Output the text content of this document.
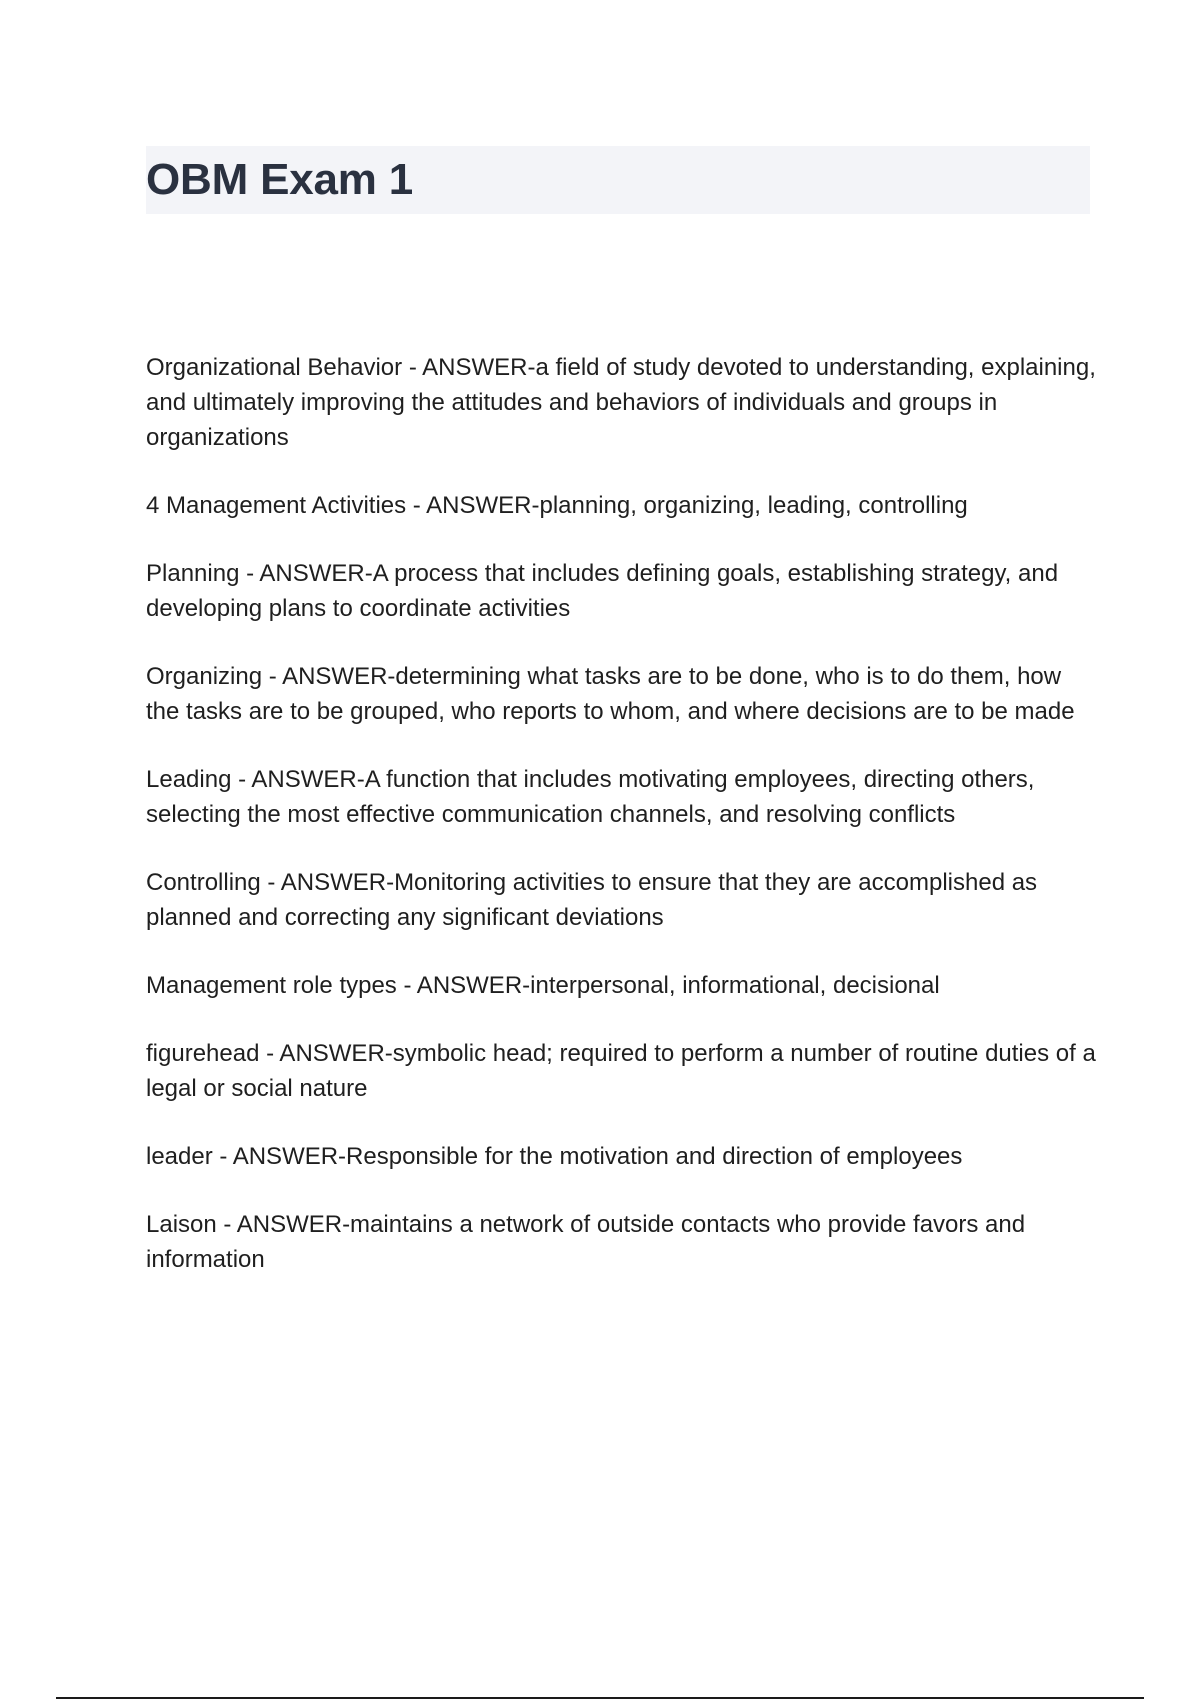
OBM Exam 1
Organizational Behavior - ANSWER-a field of study devoted to understanding, explaining, and ultimately improving the attitudes and behaviors of individuals and groups in organizations
4 Management Activities - ANSWER-planning, organizing, leading, controlling
Planning - ANSWER-A process that includes defining goals, establishing strategy, and developing plans to coordinate activities
Organizing - ANSWER-determining what tasks are to be done, who is to do them, how the tasks are to be grouped, who reports to whom, and where decisions are to be made
Leading - ANSWER-A function that includes motivating employees, directing others, selecting the most effective communication channels, and resolving conflicts
Controlling - ANSWER-Monitoring activities to ensure that they are accomplished as planned and correcting any significant deviations
Management role types - ANSWER-interpersonal, informational, decisional
figurehead - ANSWER-symbolic head; required to perform a number of routine duties of a legal or social nature
leader - ANSWER-Responsible for the motivation and direction of employees
Laison - ANSWER-maintains a network of outside contacts who provide favors and information
